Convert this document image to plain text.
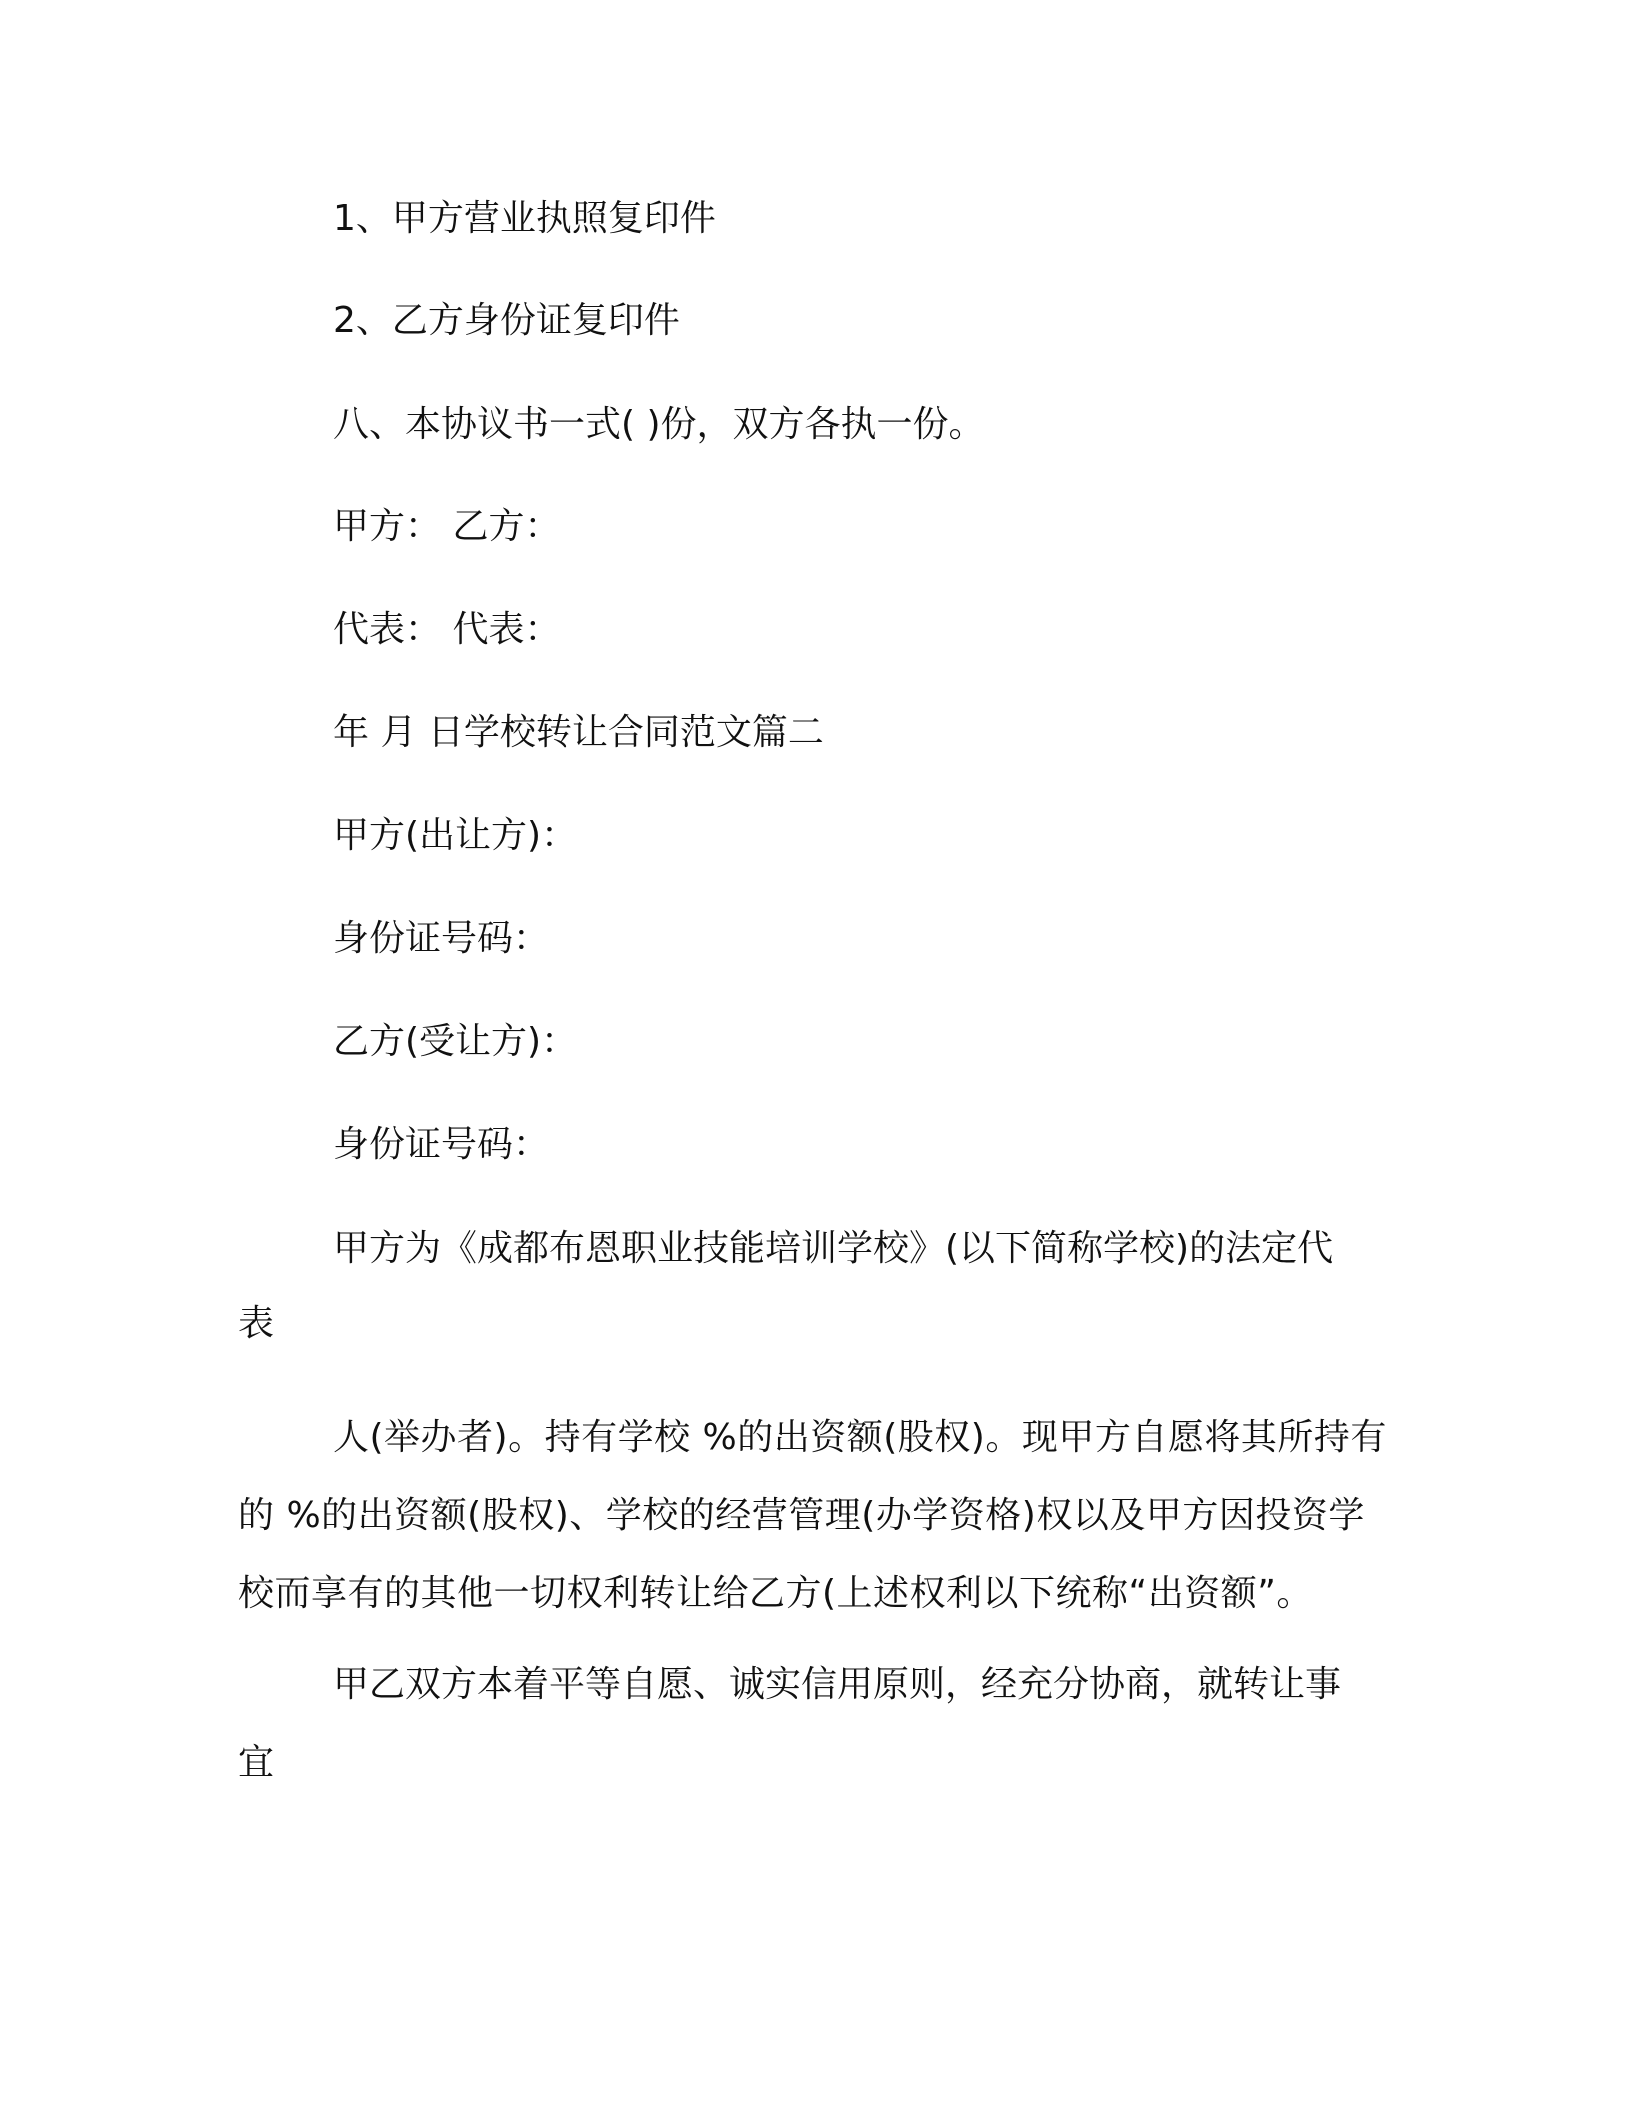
1、甲方营业执照复印件
2、乙方身份证复印件
八、本协议书一式( )份，双方各执一份。
甲方： 乙方：
代表： 代表：
年 月 日学校转让合同范文篇二
甲方(出让方)：
身份证号码：
乙方(受让方)：
身份证号码：
甲方为《成都布恩职业技能培训学校》(以下简称学校)的法定代
表
人(举办者)。持有学校 %的出资额(股权)。现甲方自愿将其所持有的 %的出资额(股权)、学校的经营管理(办学资格)权以及甲方因投资学校而享有的其他一切权利转让给乙方(上述权利以下统称“出资额”。
甲乙双方本着平等自愿、诚实信用原则，经充分协商，就转让事
宜
